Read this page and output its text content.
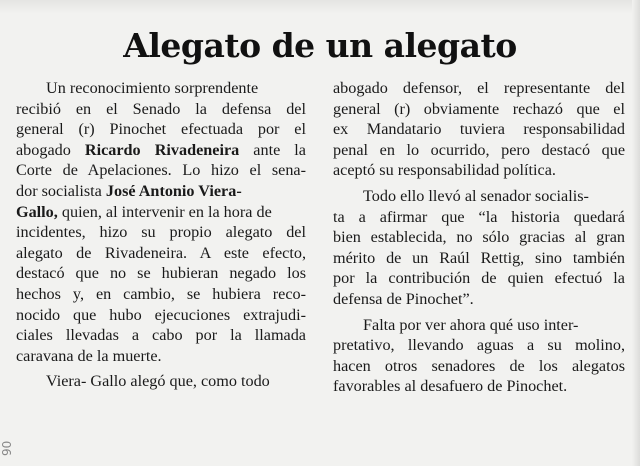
Alegato de un alegato
Un reconocimiento sorprendente
recibió en el Senado la defensa del
general (r) Pinochet efectuada por el
abogado Ricardo Rivadeneira ante la
Corte de Apelaciones. Lo hizo el sena-
dor socialista José Antonio Viera-
Gallo, quien, al intervenir en la hora de
incidentes, hizo su propio alegato del
alegato de Rivadeneira. A este efecto,
destacó que no se hubieran negado los
hechos y, en cambio, se hubiera reco-
nocido que hubo ejecuciones extrajudi-
ciales llevadas a cabo por la llamada
caravana de la muerte.
Viera- Gallo alegó que, como todo
abogado defensor, el representante del
general (r) obviamente rechazó que el
ex Mandatario tuviera responsabilidad
penal en lo ocurrido, pero destacó que
aceptó su responsabilidad política.
Todo ello llevó al senador socialis-
ta a afirmar que “la historia quedará
bien establecida, no sólo gracias al gran
mérito de un Raúl Rettig, sino también
por la contribución de quien efectuó la
defensa de Pinochet”.
Falta por ver ahora qué uso inter-
pretativo, llevando aguas a su molino,
hacen otros senadores de los alegatos
favorables al desafuero de Pinochet.
90
